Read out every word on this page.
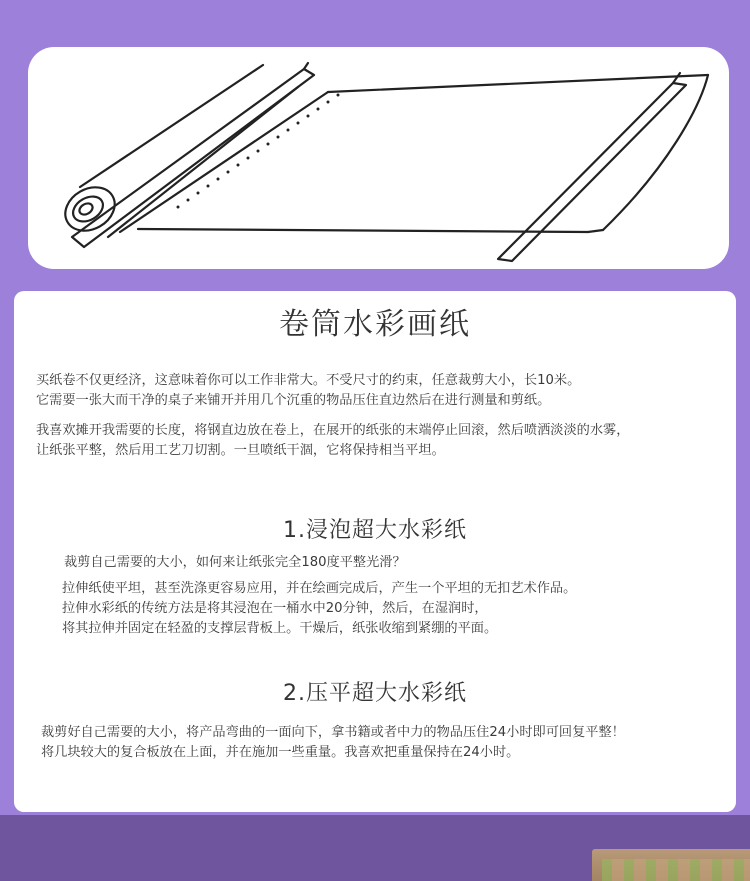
卷筒水彩画纸
买纸卷不仅更经济，这意味着你可以工作非常大。不受尺寸的约束，任意裁剪大小，长10米。
它需要一张大而干净的桌子来铺开并用几个沉重的物品压住直边然后在进行测量和剪纸。
我喜欢摊开我需要的长度，将钢直边放在卷上，在展开的纸张的末端停止回滚，然后喷洒淡淡的水雾，
让纸张平整，然后用工艺刀切割。一旦喷纸干涸，它将保持相当平坦。
1.浸泡超大水彩纸
裁剪自己需要的大小，如何来让纸张完全180度平整光滑？
拉伸纸使平坦，甚至洗涤更容易应用，并在绘画完成后，产生一个平坦的无扣艺术作品。
拉伸水彩纸的传统方法是将其浸泡在一桶水中20分钟，然后，在湿润时，
将其拉伸并固定在轻盈的支撑层背板上。干燥后，纸张收缩到紧绷的平面。
2.压平超大水彩纸
裁剪好自己需要的大小，将产品弯曲的一面向下，拿书籍或者中力的物品压住24小时即可回复平整！
将几块较大的复合板放在上面，并在施加一些重量。我喜欢把重量保持在24小时。
